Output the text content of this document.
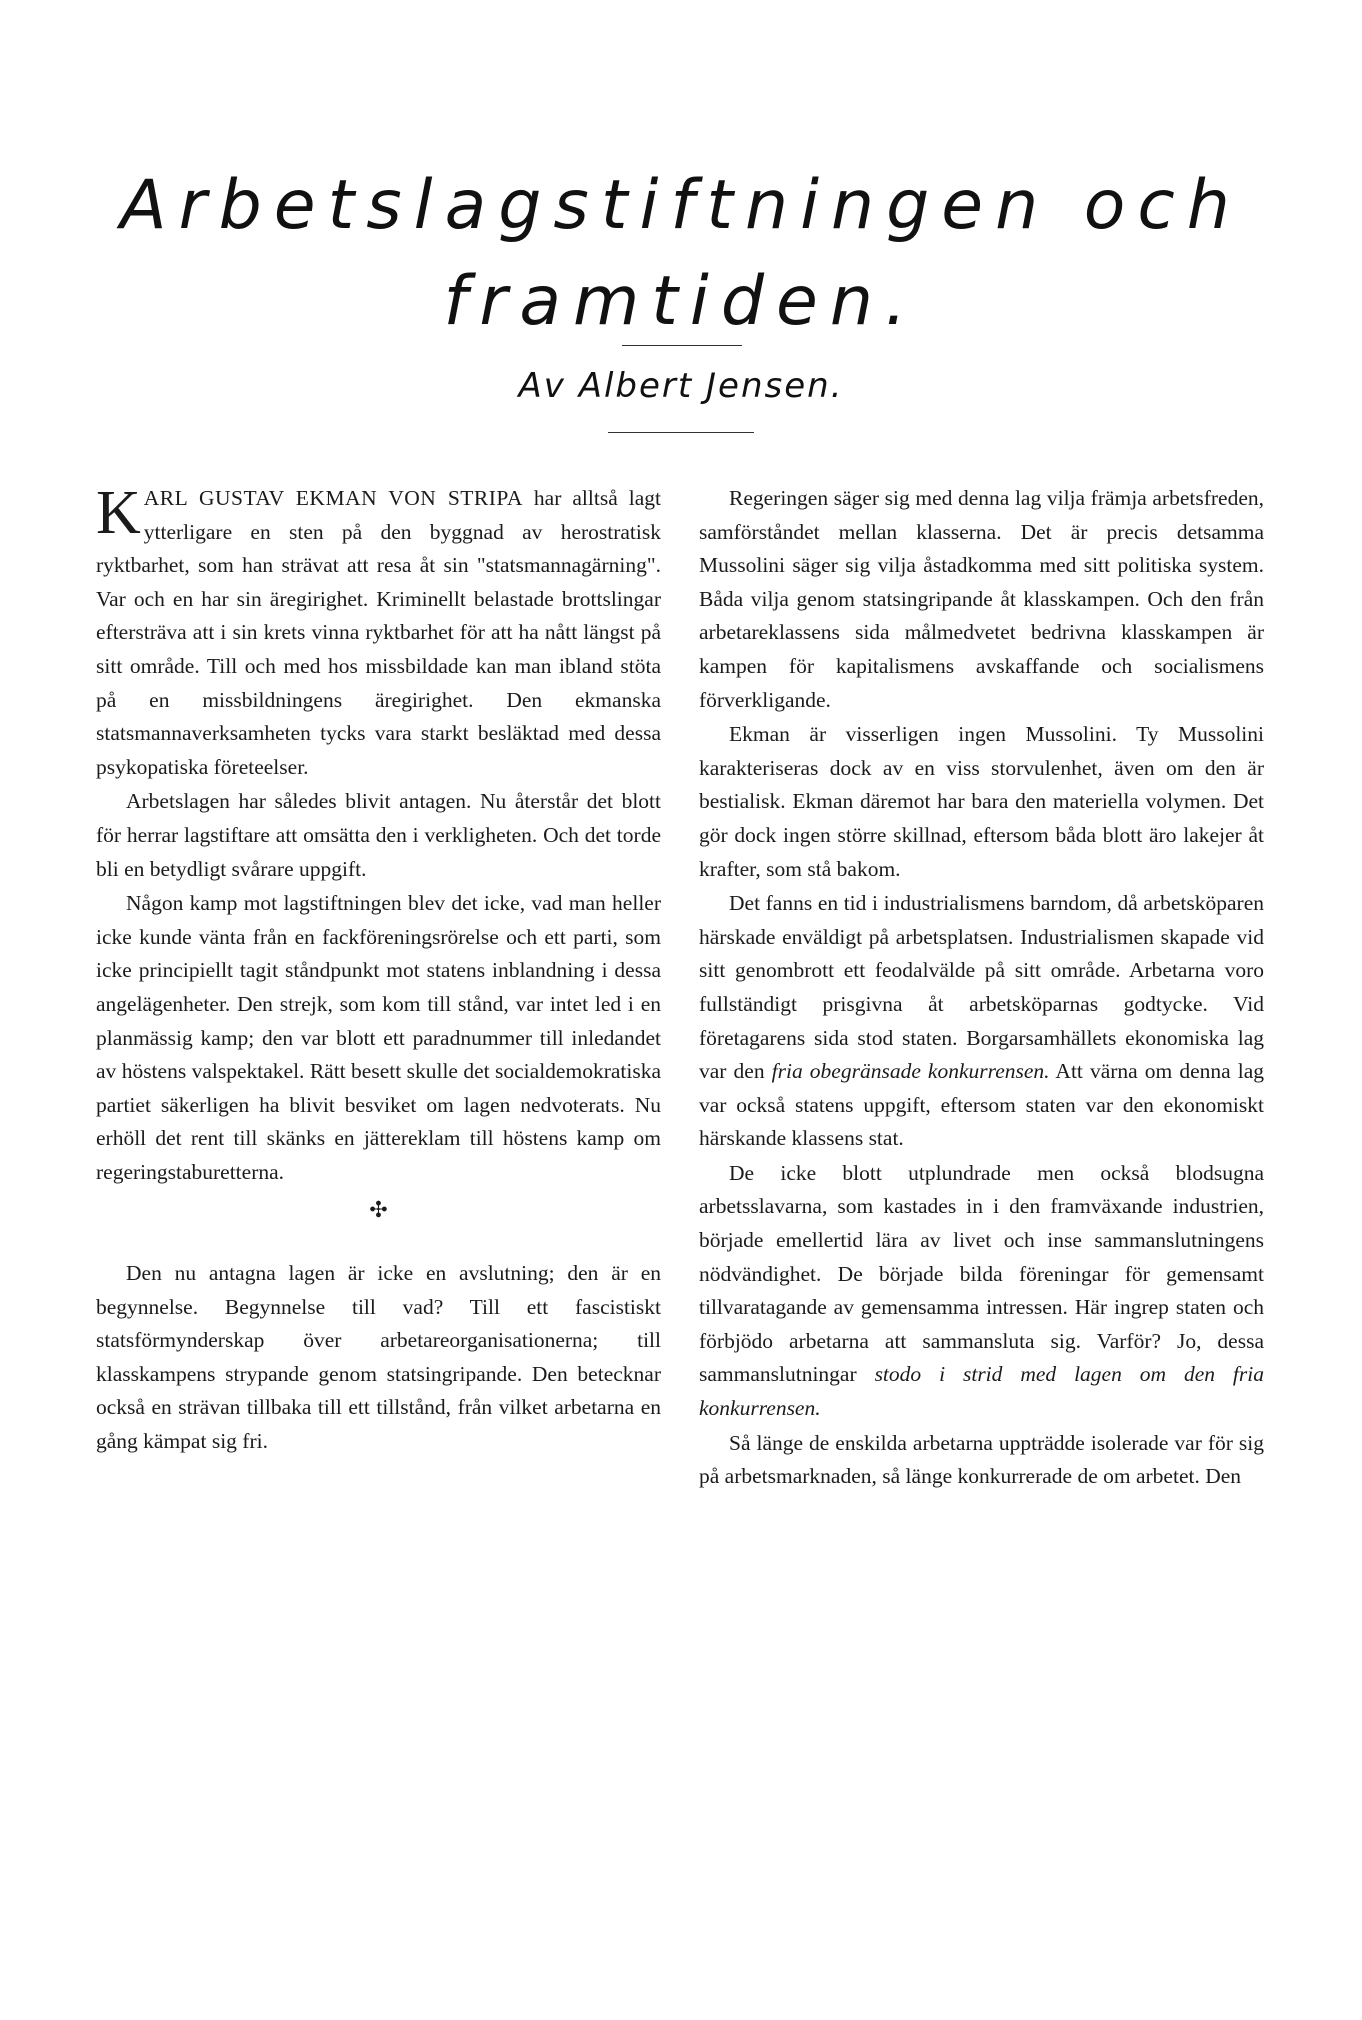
Arbetslagstiftningen och
framtiden.
Av Albert Jensen.

KARL GUSTAV EKMAN VON STRIPA har alltså lagt ytterligare en sten på den byggnad av herostratisk ryktbarhet, som han strävat att resa åt sin "statsmannagärning". Var och en har sin äregirighet. Kriminellt belastade brottslingar eftersträva att i sin krets vinna ryktbarhet för att ha nått längst på sitt område. Till och med hos missbildade kan man ibland stöta på en missbildningens äregirighet. Den ekmanska statsmannaverksamheten tycks vara starkt besläktad med dessa psykopatiska företeelser.

Arbetslagen har således blivit antagen. Nu återstår det blott för herrar lagstiftare att omsätta den i verkligheten. Och det torde bli en betydligt svårare uppgift.

Någon kamp mot lagstiftningen blev det icke, vad man heller icke kunde vänta från en fackföreningsrörelse och ett parti, som icke principiellt tagit ståndpunkt mot statens inblandning i dessa angelägenheter. Den strejk, som kom till stånd, var intet led i en planmässig kamp; den var blott ett paradnummer till inledandet av höstens valspektakel. Rätt besett skulle det socialdemokratiska partiet säkerligen ha blivit besviket om lagen nedvoterats. Nu erhöll det rent till skänks en jättereklam till höstens kamp om regeringstaburetterna.

✣

Den nu antagna lagen är icke en avslutning; den är en begynnelse. Begynnelse till vad? Till ett fascistiskt statsförmynderskap över arbetareorganisationerna; till klasskampens strypande genom statsingripande. Den betecknar också en strävan tillbaka till ett tillstånd, från vilket arbetarna en gång kämpat sig fri.

Regeringen säger sig med denna lag vilja främja arbetsfreden, samförståndet mellan klasserna. Det är precis detsamma Mussolini säger sig vilja åstadkomma med sitt politiska system. Båda vilja genom statsingripande åt klasskampen. Och den från arbetareklassens sida målmedvetet bedrivna klasskampen är kampen för kapitalismens avskaffande och socialismens förverkligande.

Ekman är visserligen ingen Mussolini. Ty Mussolini karakteriseras dock av en viss storvulenhet, även om den är bestialisk. Ekman däremot har bara den materiella volymen. Det gör dock ingen större skillnad, eftersom båda blott äro lakejer åt krafter, som stå bakom.

Det fanns en tid i industrialismens barndom, då arbetsköparen härskade enväldigt på arbetsplatsen. Industrialismen skapade vid sitt genombrott ett feodalvälde på sitt område. Arbetarna voro fullständigt prisgivna åt arbetsköparnas godtycke. Vid företagarens sida stod staten. Borgarsamhällets ekonomiska lag var den fria obegränsade konkurrensen. Att värna om denna lag var också statens uppgift, eftersom staten var den ekonomiskt härskande klassens stat.

De icke blott utplundrade men också blodsugna arbetsslavarna, som kastades in i den framväxande industrien, började emellertid lära av livet och inse sammanslutningens nödvändighet. De började bilda föreningar för gemensamt tillvaratagande av gemensamma intressen. Här ingrep staten och förbjödo arbetarna att sammansluta sig. Varför? Jo, dessa sammanslutningar stodo i strid med lagen om den fria konkurrensen.

Så länge de enskilda arbetarna uppträdde isolerade var för sig på arbetsmarknaden, så länge konkurrerade de om arbetet. Den
